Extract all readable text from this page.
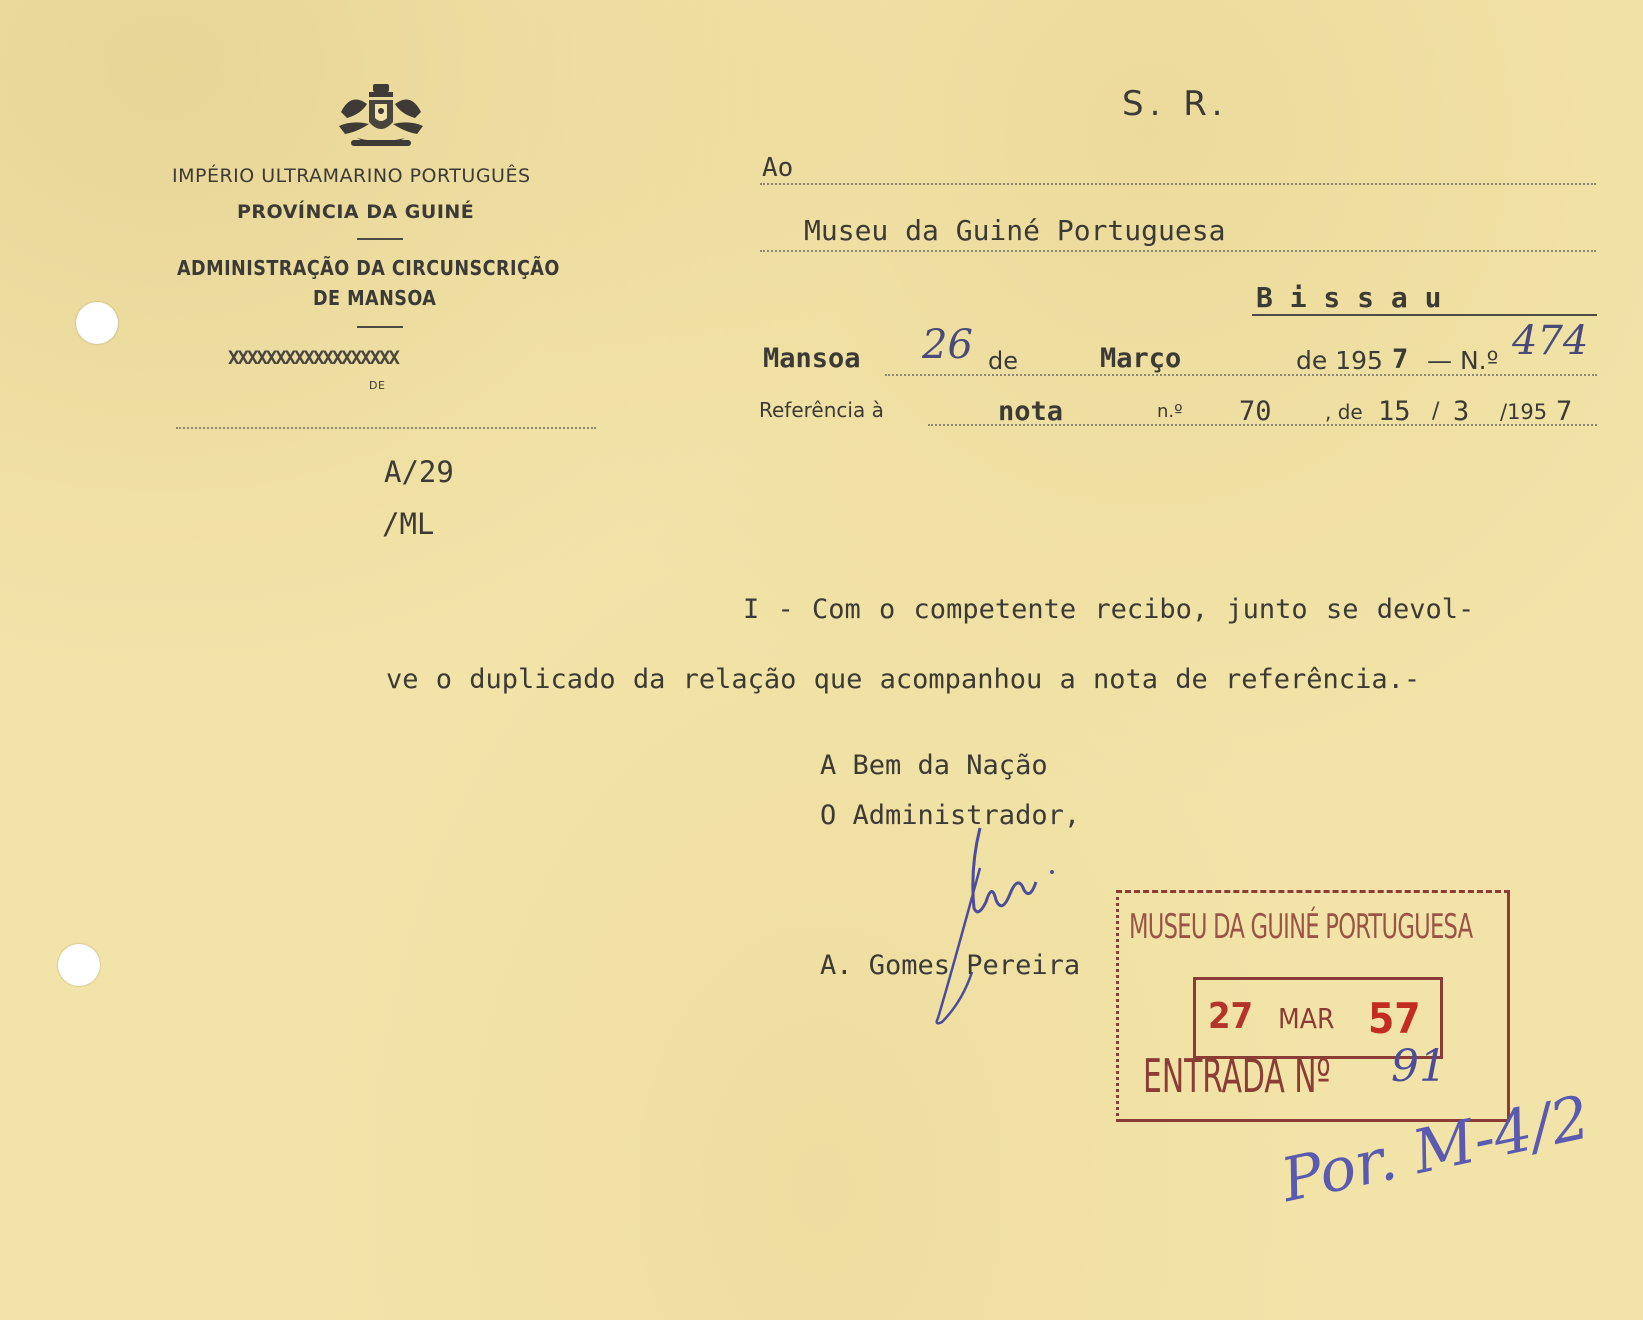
IMPÉRIO ULTRAMARINO PORTUGUÊS
PROVÍNCIA DA GUINÉ
ADMINISTRAÇÃO DA CIRCUNSCRIÇÃO
DE MANSOA
XXXXXXXXXXXXXXXXXX
DE
A/29
/ML
S. R.
Ao
Museu da Guiné Portuguesa
B i s s a u
Mansoa 26 de	Março	de 195 7 — N.º 474
Referência à	nota	n.º 70	, de 15 / 3 /195 7
I - Com o competente recibo, junto se devol-
ve o duplicado da relação que acompanhou a nota de referência.-
A Bem da Nação
O Administrador,
A. Gomes Pereira
MUSEU DA GUINÉ PORTUGUESA
27 MAR 57
ENTRADA Nº 91
Por. M-4/2
